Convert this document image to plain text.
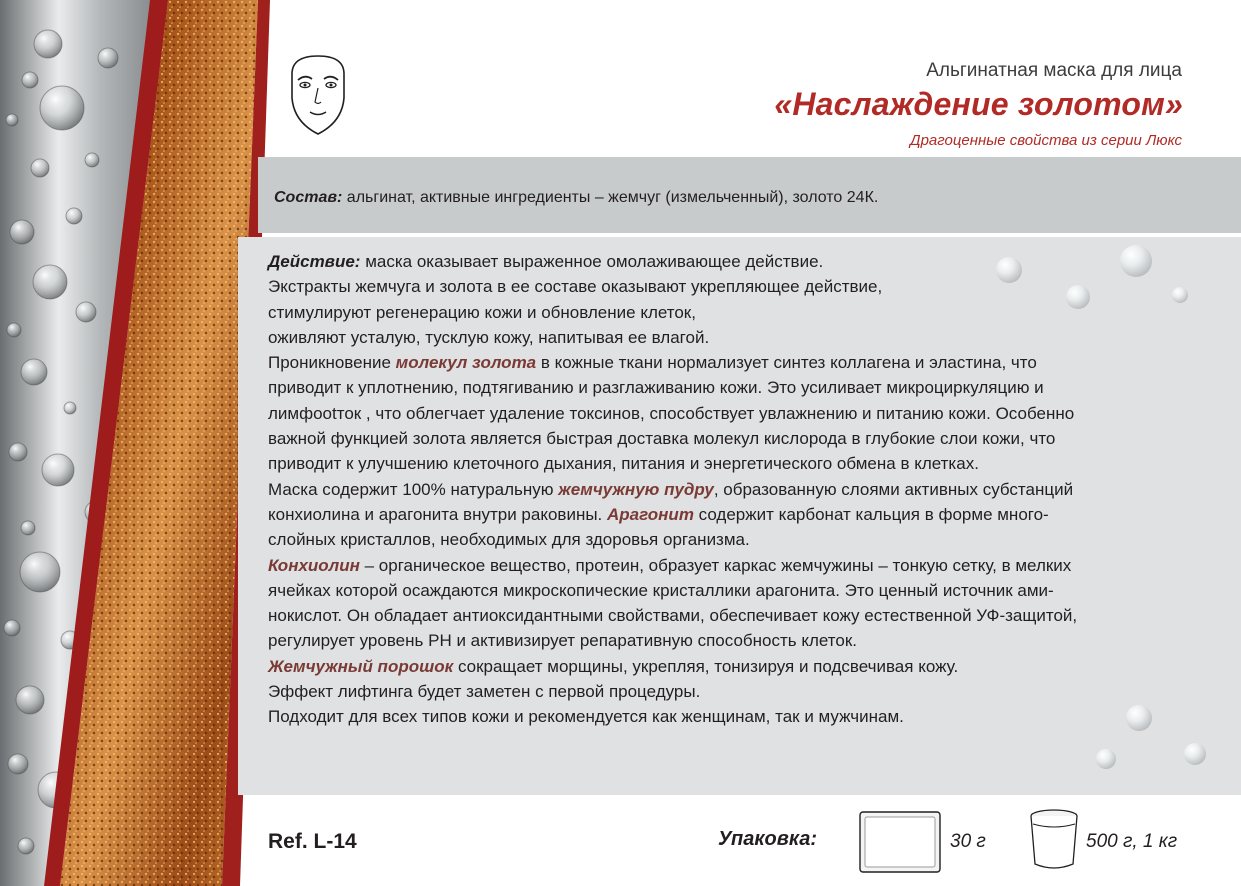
Альгинатная маска для лица
«Наслаждение золотом»
Драгоценные свойства из серии Люкс
Состав: альгинат, активные ингредиенты – жемчуг (измельченный), золото 24К.

Действие: маска оказывает выраженное омолаживающее действие.

Экстракты жемчуга и золота в ее составе оказывают укрепляющее действие,

стимулируют регенерацию кожи и обновление клеток,

оживляют усталую, тусклую кожу, напитывая ее влагой.

Проникновение молекул золота в кожные ткани нормализует синтез коллагена и эластина, что

приводит к уплотнению, подтягиванию и разглаживанию кожи. Это усиливает микроциркуляцию и

лимфootток , что облегчает удаление токсинов, способствует увлажнению и питанию кожи. Особенно

важной функцией золота является быстрая доставка молекул кислорода в глубокие слои кожи, что

приводит к улучшению клеточного дыхания, питания и энергетического обмена в клетках.

Маска содержит 100% натуральную жемчужную пудру, образованную слоями активных субстанций

конхиолина и арагонита внутри раковины. Арагонит содержит карбонат кальция в форме много-

слойных кристаллов, необходимых для здоровья организма.

Конхиолин – органическое вещество, протеин, образует каркас жемчужины – тонкую сетку, в мелких

ячейках которой осаждаются микроскопические кристаллики арагонита. Это ценный источник ами-

нокислот. Он обладает антиоксидантными свойствами, обеспечивает кожу естественной УФ-защитой,

регулирует уровень PH и активизирует репаративную способность клеток.

Жемчужный порошок сокращает морщины, укрепляя, тонизируя и подсвечивая кожу.

Эффект лифтинга будет заметен с первой процедуры.

Подходит для всех типов кожи и рекомендуется как женщинам, так и мужчинам.

Ref. L-14	Упаковка:	30 г	500 г, 1 кг
